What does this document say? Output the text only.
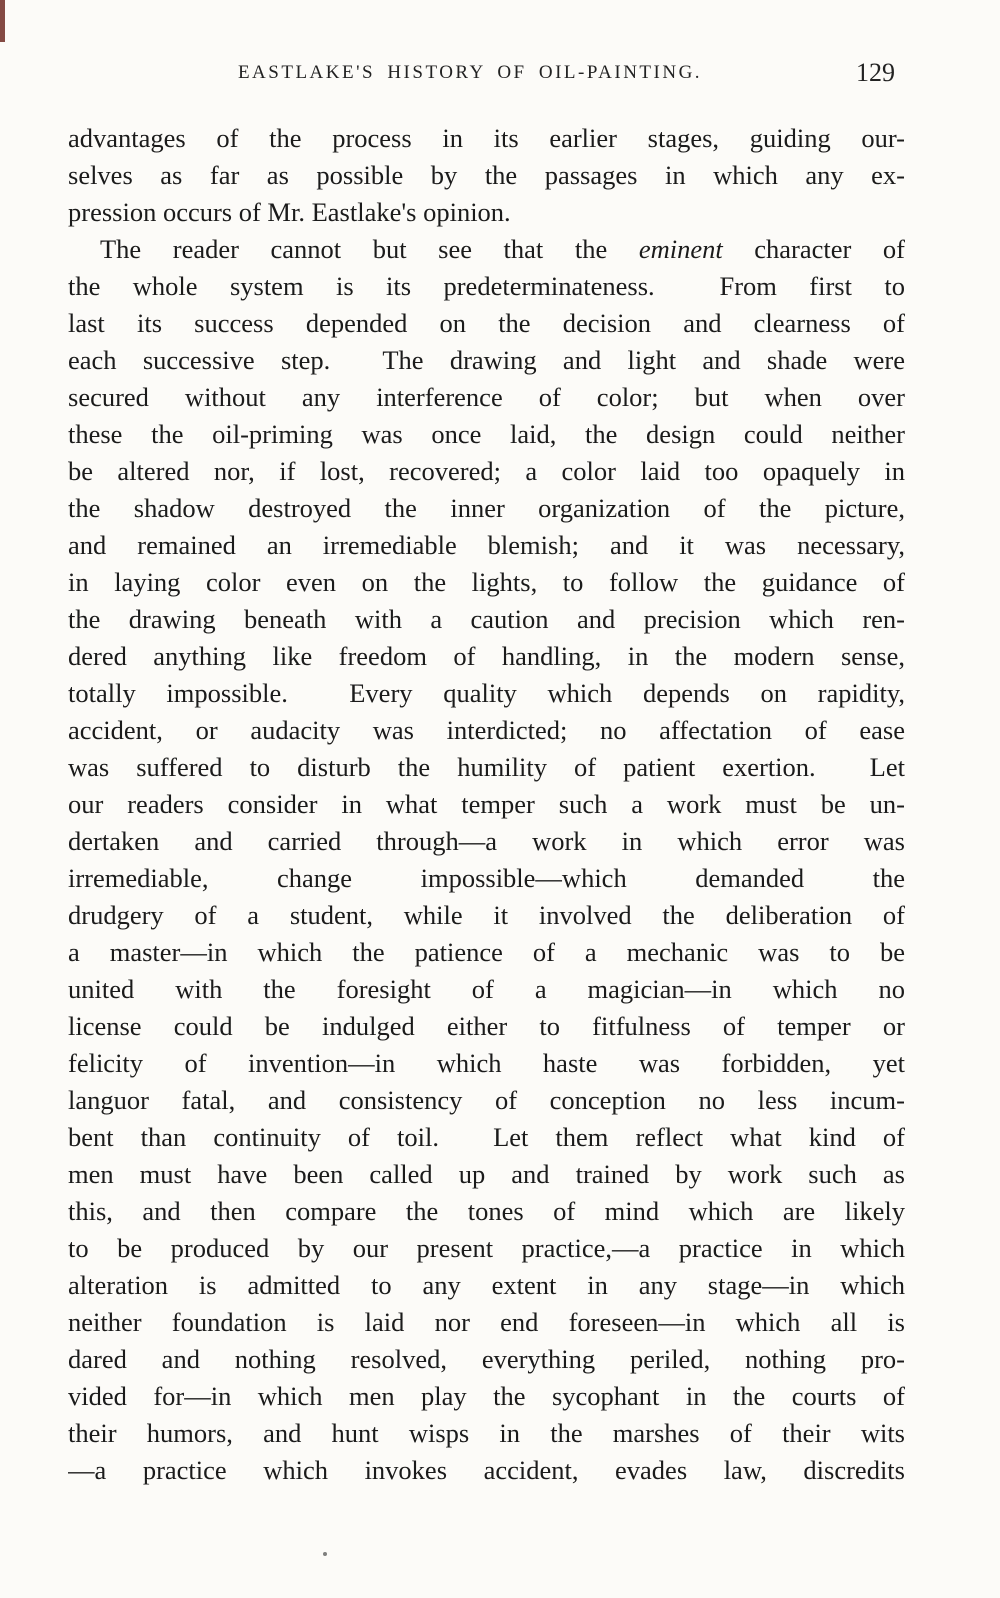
EASTLAKE'S HISTORY OF OIL-PAINTING.	129
advantages of the process in its earlier stages, guiding our-
selves as far as possible by the passages in which any ex-
pression occurs of Mr. Eastlake's opinion.
The reader cannot but see that the eminent character of
the whole system is its predeterminateness.  From first to
last its success depended on the decision and clearness of
each successive step.  The drawing and light and shade were
secured without any interference of color; but when over
these the oil-priming was once laid, the design could neither
be altered nor, if lost, recovered; a color laid too opaquely in
the shadow destroyed the inner organization of the picture,
and remained an irremediable blemish; and it was necessary,
in laying color even on the lights, to follow the guidance of
the drawing beneath with a caution and precision which ren-
dered anything like freedom of handling, in the modern sense,
totally impossible.  Every quality which depends on rapidity,
accident, or audacity was interdicted; no affectation of ease
was suffered to disturb the humility of patient exertion.  Let
our readers consider in what temper such a work must be un-
dertaken and carried through—a work in which error was
irremediable, change impossible—which demanded the
drudgery of a student, while it involved the deliberation of
a master—in which the patience of a mechanic was to be
united with the foresight of a magician—in which no
license could be indulged either to fitfulness of temper or
felicity of invention—in which haste was forbidden, yet
languor fatal, and consistency of conception no less incum-
bent than continuity of toil.  Let them reflect what kind of
men must have been called up and trained by work such as
this, and then compare the tones of mind which are likely
to be produced by our present practice,—a practice in which
alteration is admitted to any extent in any stage—in which
neither foundation is laid nor end foreseen—in which all is
dared and nothing resolved, everything periled, nothing pro-
vided for—in which men play the sycophant in the courts of
their humors, and hunt wisps in the marshes of their wits
—a practice which invokes accident, evades law, discredits
